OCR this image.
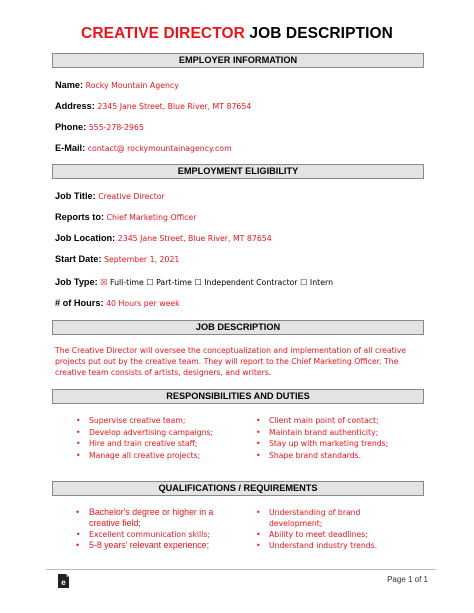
CREATIVE DIRECTOR JOB DESCRIPTION
EMPLOYER INFORMATION
Name: Rocky Mountain Agency
Address: 2345 Jane Street, Blue River, MT 87654
Phone: 555-278-2965
E-Mail: contact@ rockymountainagency.com
EMPLOYMENT ELIGIBILITY
Job Title: Creative Director
Reports to: Chief Marketing Officer
Job Location: 2345 Jane Street, Blue River, MT 87654
Start Date: September 1, 2021
Job Type: ☒ Full-time ☐ Part-time ☐ Independent Contractor ☐ Intern
# of Hours: 40 Hours per week
JOB DESCRIPTION
The Creative Director will oversee the conceptualization and implementation of all creative projects put out by the creative team. They will report to the Chief Marketing Officer. The creative team consists of artists, designers, and writers.
RESPONSIBILITIES AND DUTIES
• Supervise creative team;
• Develop advertising campaigns;
• Hire and train creative staff;
• Manage all creative projects;
• Client main point of contact;
• Maintain brand authenticity;
• Stay up with marketing trends;
• Shape brand standards.
QUALIFICATIONS / REQUIREMENTS
• Bachelor's degree or higher in a creative field;
• Excellent communication skills;
• 5-8 years' relevant experience;
• Understanding of brand development;
• Ability to meet deadlines;
• Understand industry trends.
e	Page 1 of 1
